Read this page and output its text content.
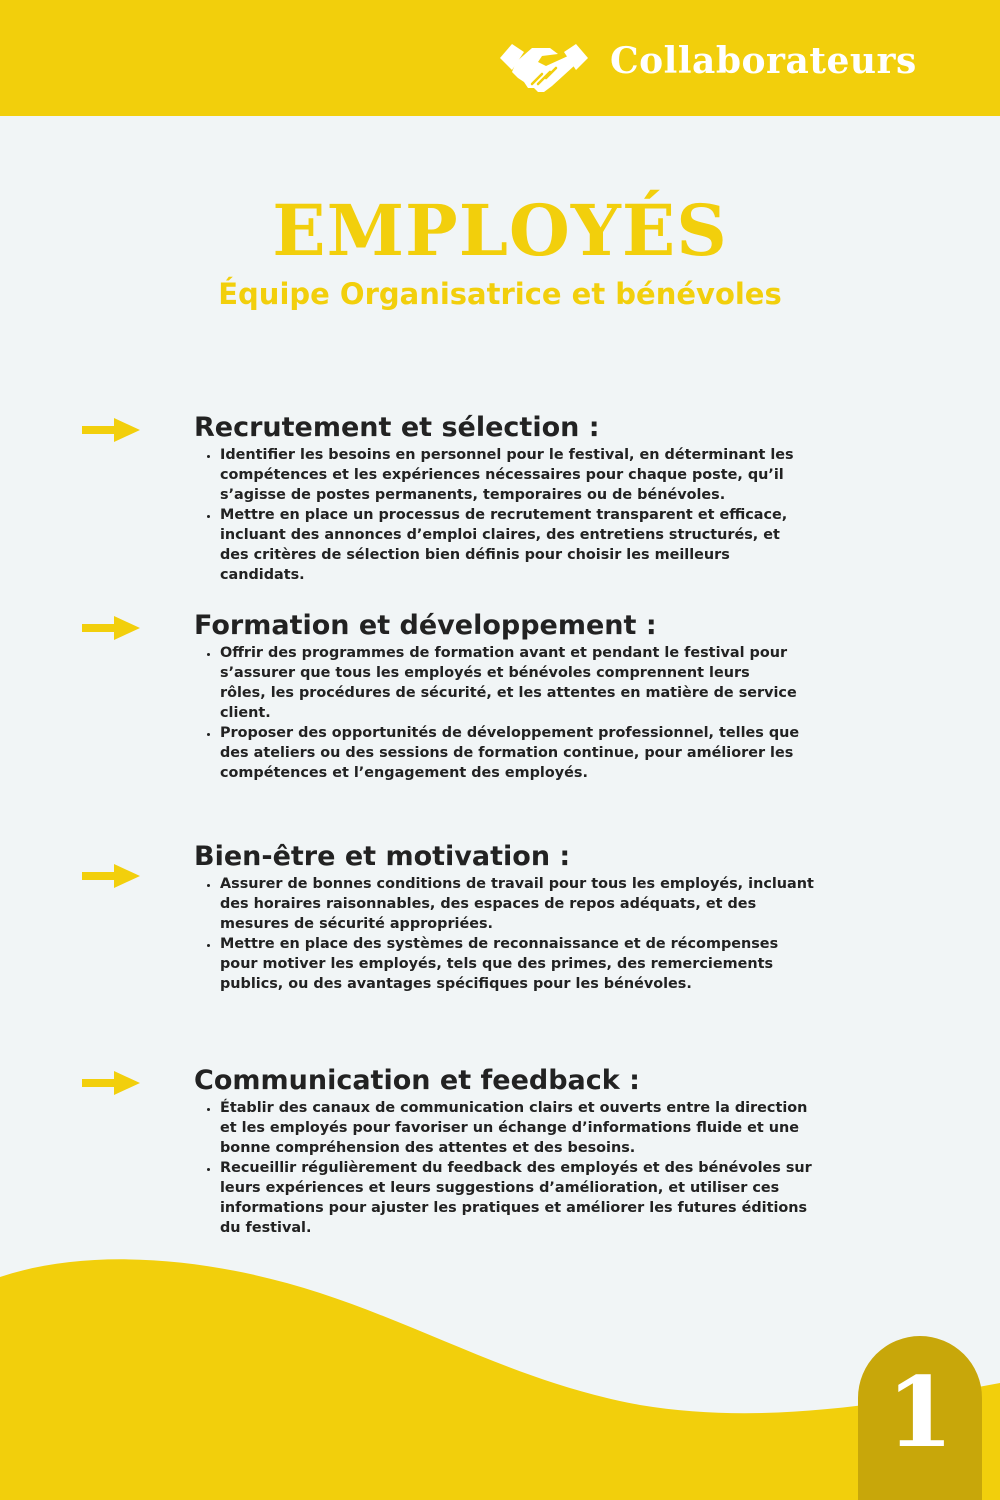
Collaborateurs
EMPLOYÉS
Équipe Organisatrice et bénévoles
Recrutement et sélection :
• Identifier les besoins en personnel pour le festival, en déterminant les compétences et les expériences nécessaires pour chaque poste, qu’il s’agisse de postes permanents, temporaires ou de bénévoles.
• Mettre en place un processus de recrutement transparent et efficace, incluant des annonces d’emploi claires, des entretiens structurés, et des critères de sélection bien définis pour choisir les meilleurs candidats.
Formation et développement :
• Offrir des programmes de formation avant et pendant le festival pour s’assurer que tous les employés et bénévoles comprennent leurs rôles, les procédures de sécurité, et les attentes en matière de service client.
• Proposer des opportunités de développement professionnel, telles que des ateliers ou des sessions de formation continue, pour améliorer les compétences et l’engagement des employés.
Bien-être et motivation :
• Assurer de bonnes conditions de travail pour tous les employés, incluant des horaires raisonnables, des espaces de repos adéquats, et des mesures de sécurité appropriées.
• Mettre en place des systèmes de reconnaissance et de récompenses pour motiver les employés, tels que des primes, des remerciements publics, ou des avantages spécifiques pour les bénévoles.
Communication et feedback :
• Établir des canaux de communication clairs et ouverts entre la direction et les employés pour favoriser un échange d’informations fluide et une bonne compréhension des attentes et des besoins.
• Recueillir régulièrement du feedback des employés et des bénévoles sur leurs expériences et leurs suggestions d’amélioration, et utiliser ces informations pour ajuster les pratiques et améliorer les futures éditions du festival.
1
